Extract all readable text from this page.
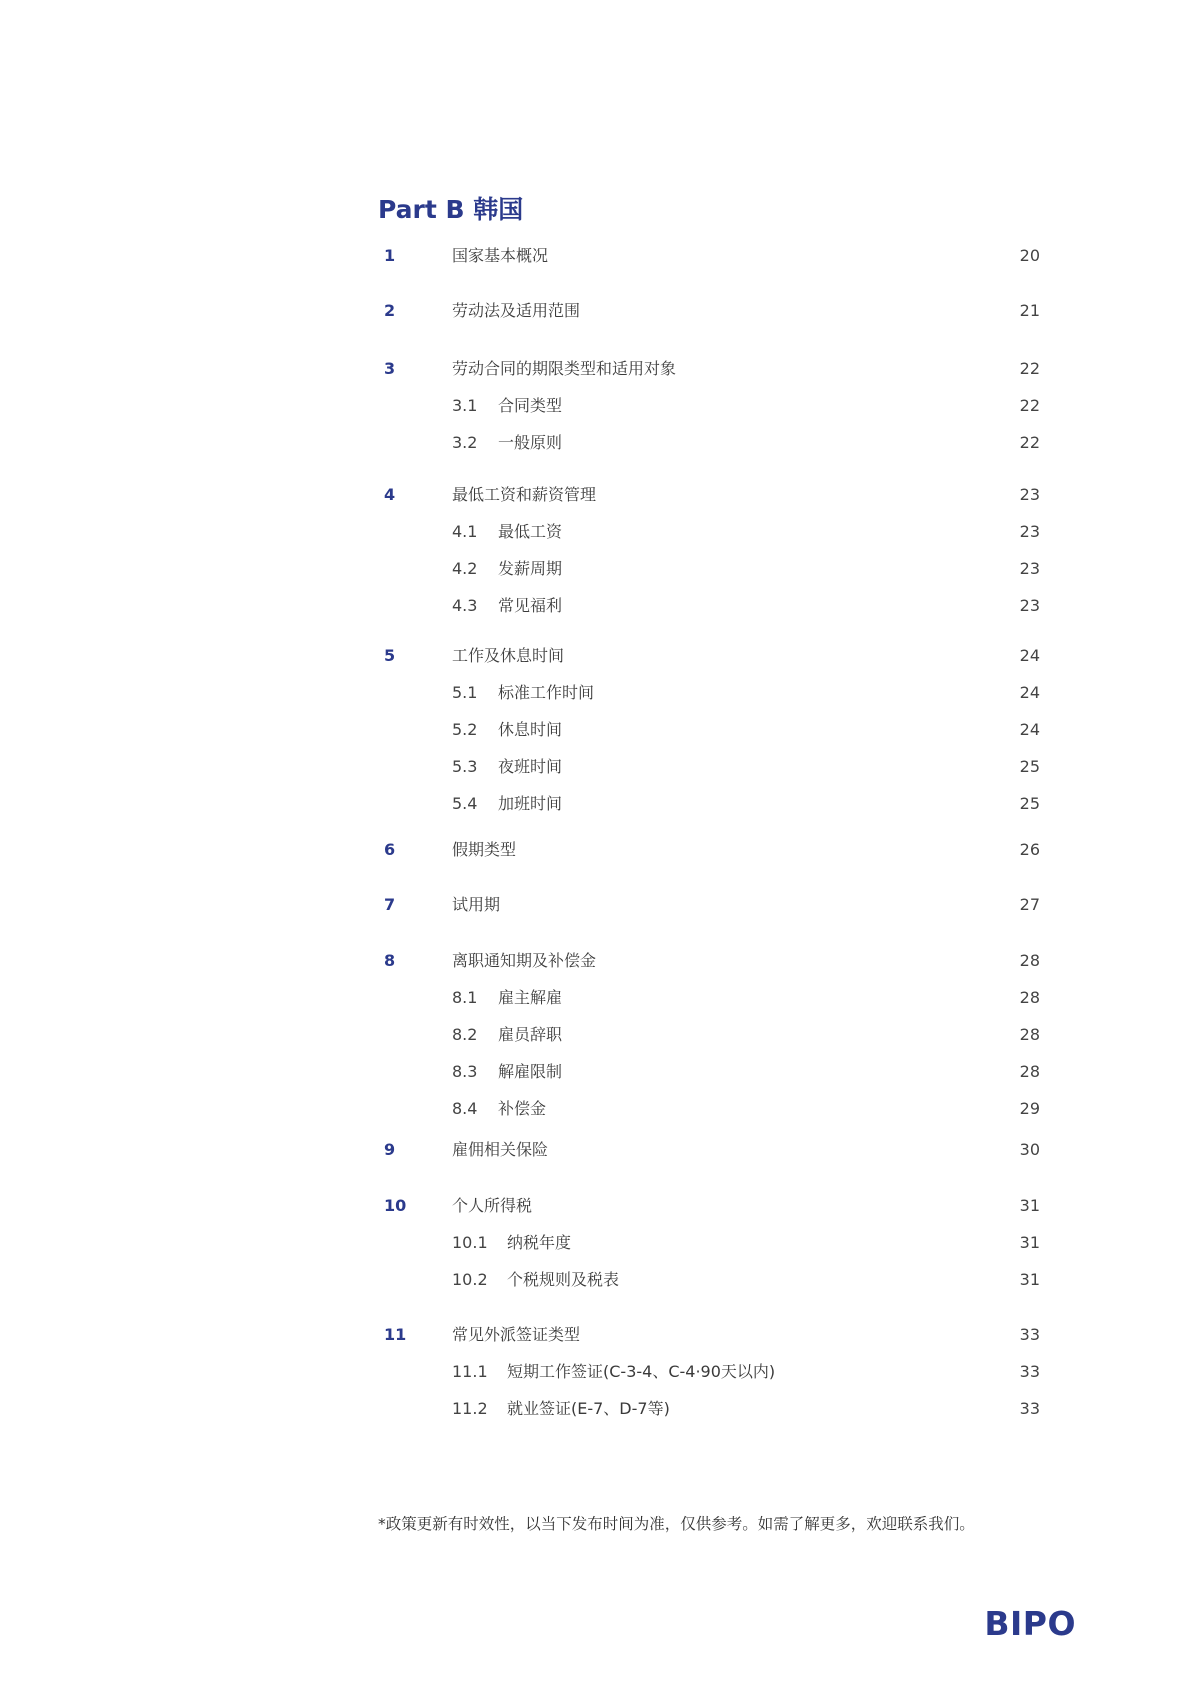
Part B 韩国
1	国家基本概况	20
2	劳动法及适用范围	21
3	劳动合同的期限类型和适用对象	22
3.1 合同类型	22
3.2 一般原则	22
4	最低工资和薪资管理	23
4.1 最低工资	23
4.2 发薪周期	23
4.3 常见福利	23
5	工作及休息时间	24
5.1 标准工作时间	24
5.2 休息时间	24
5.3 夜班时间	25
5.4 加班时间	25
6	假期类型	26
7	试用期	27
8	离职通知期及补偿金	28
8.1 雇主解雇	28
8.2 雇员辞职	28
8.3 解雇限制	28
8.4 补偿金	29
9	雇佣相关保险	30
10	个人所得税	31
10.1 纳税年度	31
10.2 个税规则及税表	31
11	常见外派签证类型	33
11.1 短期工作签证(C-3-4、C-4·90天以内)	33
11.2 就业签证(E-7、D-7等)	33
*政策更新有时效性，以当下发布时间为准，仅供参考。如需了解更多，欢迎联系我们。
BIPO
